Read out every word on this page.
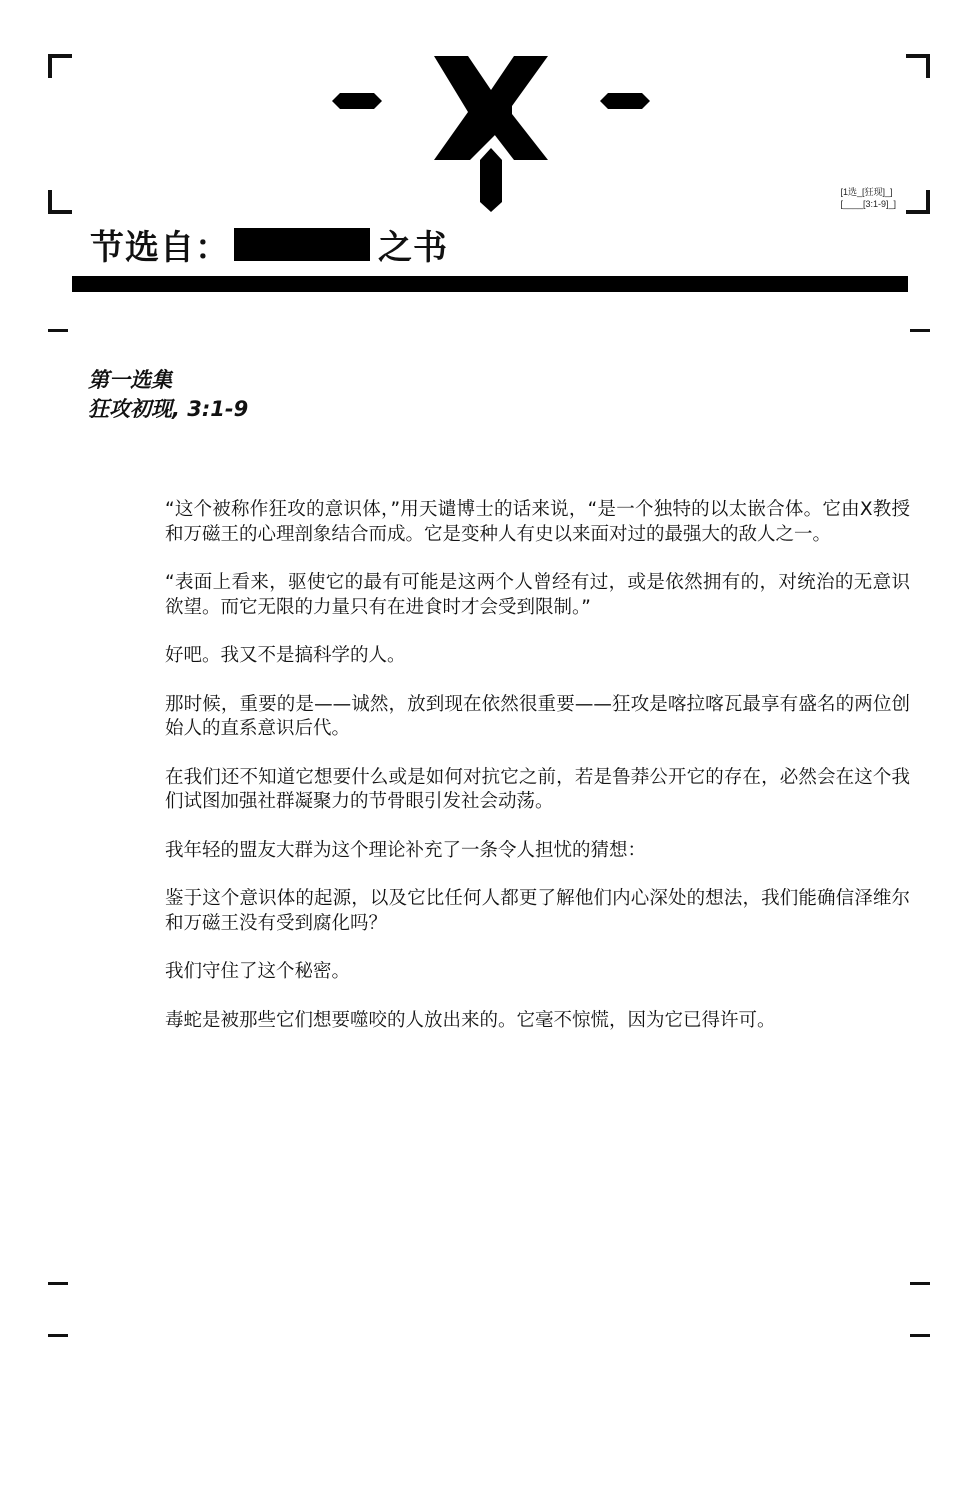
[1选_[狂现]_]
[____[3:1-9]_]
节选自：	之书
第一选集
狂攻初现, 3:1-9

“这个被称作狂攻的意识体，”用天谴博士的话来说，“是一个独特的以太嵌合体。它由X教授和万磁王的心理剖象结合而成。它是变种人有史以来面对过的最强大的敌人之一。

“表面上看来，驱使它的最有可能是这两个人曾经有过，或是依然拥有的，对统治的无意识欲望。而它无限的力量只有在进食时才会受到限制。”

好吧。我又不是搞科学的人。

那时候，重要的是——诚然，放到现在依然很重要——狂攻是喀拉喀瓦最享有盛名的两位创始人的直系意识后代。

在我们还不知道它想要什么或是如何对抗它之前，若是鲁莽公开它的存在，必然会在这个我们试图加强社群凝聚力的节骨眼引发社会动荡。

我年轻的盟友大群为这个理论补充了一条令人担忧的猜想：

鉴于这个意识体的起源，以及它比任何人都更了解他们内心深处的想法，我们能确信泽维尔和万磁王没有受到腐化吗？

我们守住了这个秘密。

毒蛇是被那些它们想要噬咬的人放出来的。它毫不惊慌，因为它已得许可。
